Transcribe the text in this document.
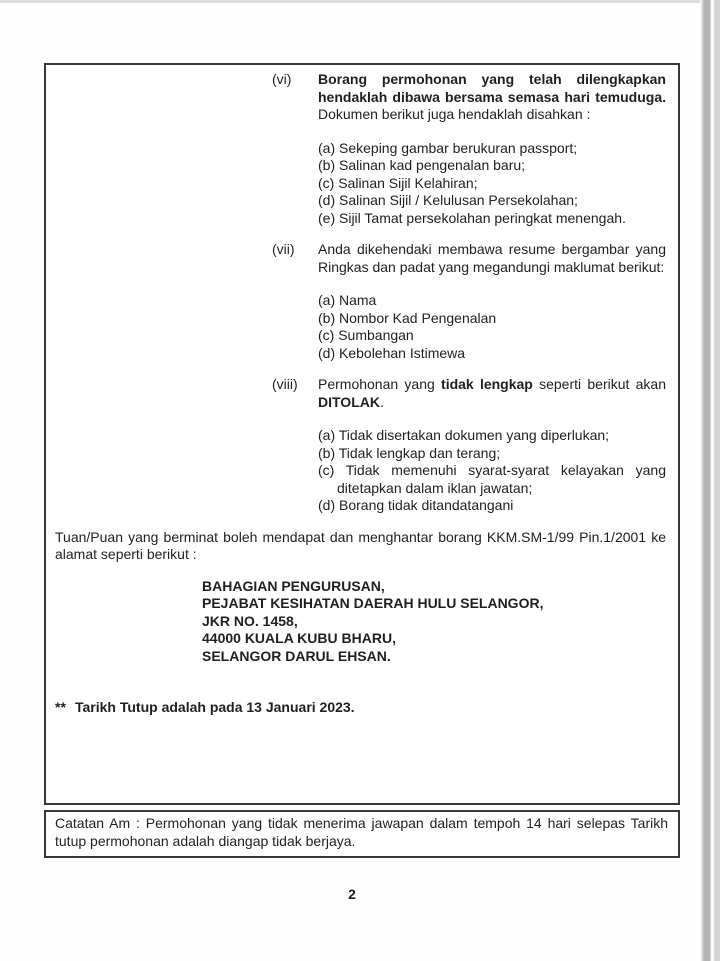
(vi)	Borang permohonan yang telah dilengkapkan hendaklah dibawa bersama semasa hari temuduga. Dokumen berikut juga hendaklah disahkan :

(a) Sekeping gambar berukuran passport;
(b) Salinan kad pengenalan baru;
(c) Salinan Sijil Kelahiran;
(d) Salinan Sijil / Kelulusan Persekolahan;
(e) Sijil Tamat persekolahan peringkat menengah.
(vii)	Anda dikehendaki membawa resume bergambar yang Ringkas dan padat yang megandungi maklumat berikut:

(a) Nama
(b) Nombor Kad Pengenalan
(c) Sumbangan
(d) Kebolehan Istimewa
(viii)	Permohonan yang tidak lengkap seperti berikut akan DITOLAK.

(a) Tidak disertakan dokumen yang diperlukan;
(b) Tidak lengkap dan terang;
(c) Tidak memenuhi syarat-syarat kelayakan yang ditetapkan dalam iklan jawatan;
(d) Borang tidak ditandatangani

Tuan/Puan yang berminat boleh mendapat dan menghantar borang KKM.SM-1/99 Pin.1/2001 ke alamat seperti berikut :

BAHAGIAN PENGURUSAN,
PEJABAT KESIHATAN DAERAH HULU SELANGOR,
JKR NO. 1458,
44000 KUALA KUBU BHARU,
SELANGOR DARUL EHSAN.
** Tarikh Tutup adalah pada 13 Januari 2023.

Catatan Am : Permohonan yang tidak menerima jawapan dalam tempoh 14 hari selepas Tarikh tutup permohonan adalah diangap tidak berjaya.

2
